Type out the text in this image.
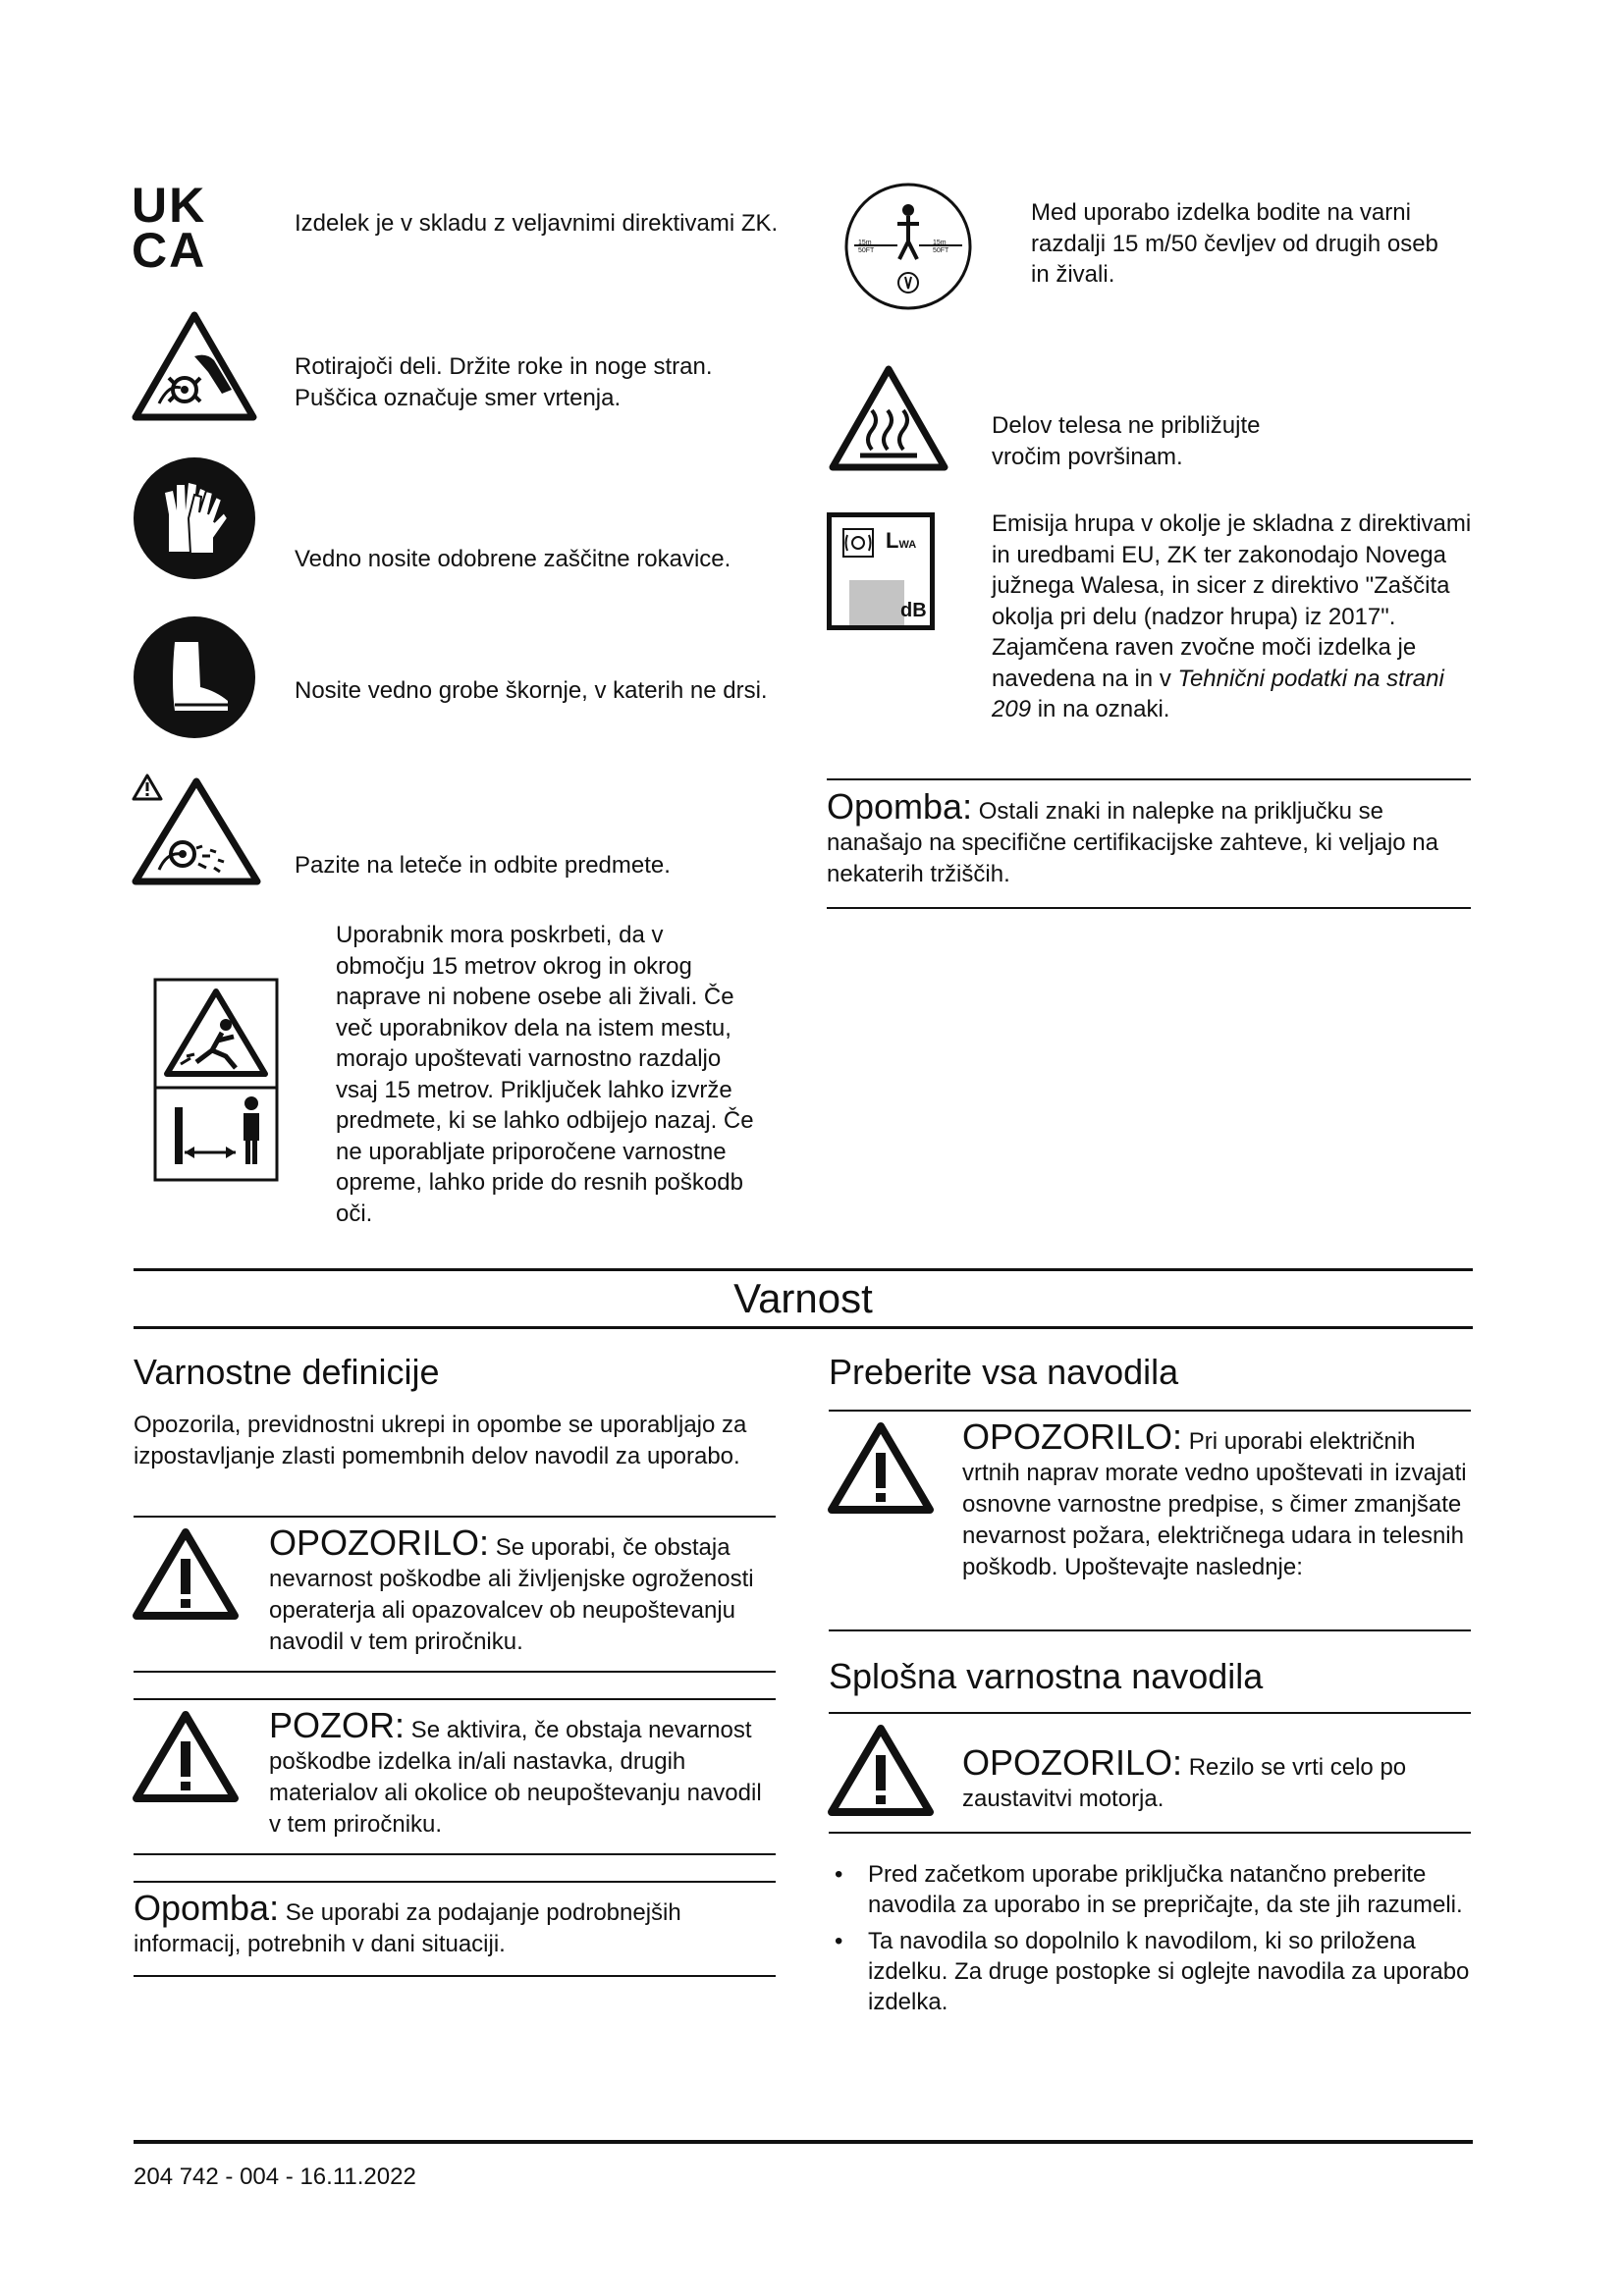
UK
CA	Izdelek je v skladu z veljavnimi direktivami ZK.
Rotirajoči deli. Držite roke in noge stran. Puščica označuje smer vrtenja.
Vedno nosite odobrene zaščitne rokavice.
Nosite vedno grobe škornje, v katerih ne drsi.
Pazite na leteče in odbite predmete.
Uporabnik mora poskrbeti, da v območju 15 metrov okrog in okrog naprave ni nobene osebe ali živali. Če več uporabnikov dela na istem mestu, morajo upoštevati varnostno razdaljo vsaj 15 metrov. Priključek lahko izvrže predmete, ki se lahko odbijejo nazaj. Če ne uporabljate priporočene varnostne opreme, lahko pride do resnih poškodb oči.
15m 50FT
15m 50FT
Med uporabo izdelka bodite na varni razdalji 15 m/50 čevljev od drugih oseb in živali.
Delov telesa ne približujte vročim površinam.
LWA
dB
Emisija hrupa v okolje je skladna z direktivami in uredbami EU, ZK ter zakonodajo Novega južnega Walesa, in sicer z direktivo "Zaščita okolja pri delu (nadzor hrupa) iz 2017". Zajamčena raven zvočne moči izdelka je navedena na in v Tehnični podatki na strani 209 in na oznaki.
Opomba: Ostali znaki in nalepke na priključku se nanašajo na specifične certifikacijske zahteve, ki veljajo na nekaterih tržiščih.
Varnost
Varnostne definicije
Opozorila, previdnostni ukrepi in opombe se uporabljajo za izpostavljanje zlasti pomembnih delov navodil za uporabo.
OPOZORILO: Se uporabi, če obstaja nevarnost poškodbe ali življenjske ogroženosti operaterja ali opazovalcev ob neupoštevanju navodil v tem priročniku.
POZOR: Se aktivira, če obstaja nevarnost poškodbe izdelka in/ali nastavka, drugih materialov ali okolice ob neupoštevanju navodil v tem priročniku.
Opomba: Se uporabi za podajanje podrobnejših informacij, potrebnih v dani situaciji.
Preberite vsa navodila
OPOZORILO: Pri uporabi električnih vrtnih naprav morate vedno upoštevati in izvajati osnovne varnostne predpise, s čimer zmanjšate nevarnost požara, električnega udara in telesnih poškodb. Upoštevajte naslednje:
Splošna varnostna navodila
OPOZORILO: Rezilo se vrti celo po zaustavitvi motorja.
• Pred začetkom uporabe priključka natančno preberite navodila za uporabo in se prepričajte, da ste jih razumeli.
• Ta navodila so dopolnilo k navodilom, ki so priložena izdelku. Za druge postopke si oglejte navodila za uporabo izdelka.
204 742 - 004 - 16.11.2022
